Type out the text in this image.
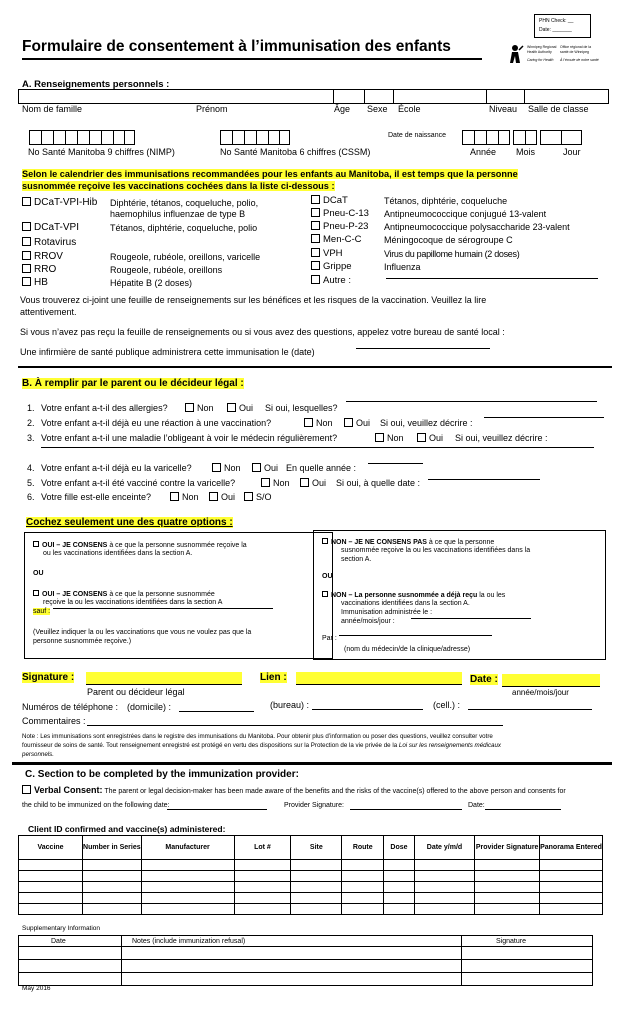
PHN Check: __
Date: _______
Formulaire de consentement à l’immunisation des enfants	Winnipeg Regional
Health Authority
Caring for Health
Office régional de la
santé de Winnipeg
À l’écoute de notre santé
A. Renseignements personnels :
Nom de famille	Prénom	Âge Sexe École	Niveau Salle de classe
Date de naissance
No Santé Manitoba 9 chiffres (NIMP)	No Santé Manitoba 6 chiffres (CSSM)	Année Mois	Jour
Selon le calendrier des immunisations recommandées pour les enfants au Manitoba, il est temps que la personne
susnommée reçoive les vaccinations cochées dans la liste ci-dessous :
DCaT-VPI-Hib Diphtérie, tétanos, coqueluche, polio,
haemophilus influenzae de type B
DCaT-VPI	Tétanos, diphtérie, coqueluche, polio
Rotavirus
RROV	Rougeole, rubéole, oreillons, varicelle
RRO	Rougeole, rubéole, oreillons
HB	Hépatite B (2 doses)
DCaT	Tétanos, diphtérie, coqueluche
Pneu-C-13 Antipneumococcique conjugué 13-valent
Pneu-P-23 Antipneumococcique polysaccharide 23-valent
Men-C-C Méningocoque de sérogroupe C
VPH	Virus du papillome humain (2 doses)
Grippe	Influenza
Autre :
Vous trouverez ci-joint une feuille de renseignements sur les bénéfices et les risques de la vaccination. Veuillez la lire
attentivement.
Si vous n’avez pas reçu la feuille de renseignements ou si vous avez des questions, appelez votre bureau de santé local :
Une infirmière de santé publique administrera cette immunisation le (date)
B. À remplir par le parent ou le décideur légal :
1. Votre enfant a-t-il des allergies?	Non	Oui Si oui, lesquelles?
2. Votre enfant a-t-il déjà eu une réaction à une vaccination?	Non	Oui Si oui, veuillez décrire :
3. Votre enfant a-t-il une maladie l’obligeant à voir le médecin régulièrement?	Non	Oui Si oui, veuillez décrire :
4. Votre enfant a-t-il déjà eu la varicelle?	Non	Oui En quelle année :
5. Votre enfant a-t-il été vacciné contre la varicelle?	Non	Oui Si oui, à quelle date :
6. Votre fille est-elle enceinte?	Non	Oui	S/O
Cochez seulement une des quatre options :
OUI – JE CONSENS à ce que la personne susnommée reçoive la
ou les vaccinations identifiées dans la section A.
OU
OUI – JE CONSENS à ce que la personne susnommée
reçoive la ou les vaccinations identifiées dans la section A
sauf :
(Veuillez indiquer la ou les vaccinations que vous ne voulez pas que la
personne susnommée reçoive.)
NON – JE NE CONSENS PAS à ce que la personne
susnommée reçoive la ou les vaccinations identifiées dans la
section A.
OU
NON – La personne susnommée a déjà reçu la ou les
vaccinations identifiées dans la section A.
Immunisation administrée le :
année/mois/jour :
Par :
(nom du médecin/de la clinique/adresse)
Signature :	Lien :	Date :
Parent ou décideur légal	année/mois/jour
Numéros de téléphone : (domicile) :	(bureau) :	(cell.) :
Commentaires :
Note : Les immunisations sont enregistrées dans le registre des immunisations du Manitoba. Pour obtenir plus d’information ou poser des questions, veuillez consulter votre
fournisseur de soins de santé. Tout renseignement enregistré est protégé en vertu des dispositions sur la Protection de la vie privée de la Loi sur les renseignements médicaux
personnels.
C. Section to be completed by the immunization provider:
Verbal Consent: The parent or legal decision-maker has been made aware of the benefits and the risks of the vaccine(s) offered to the above person and consents for
the child to be immunized on the following date:	Provider Signature:	Date:
Client ID confirmed and vaccine(s) administered:
Vaccine	Number in Series	Manufacturer	Lot #	Site	Route	Dose	Date y/m/d	Provider Signature	Panorama Entered

Supplementary Information
Date	Notes (include immunization refusal)	Signature

May 2016
